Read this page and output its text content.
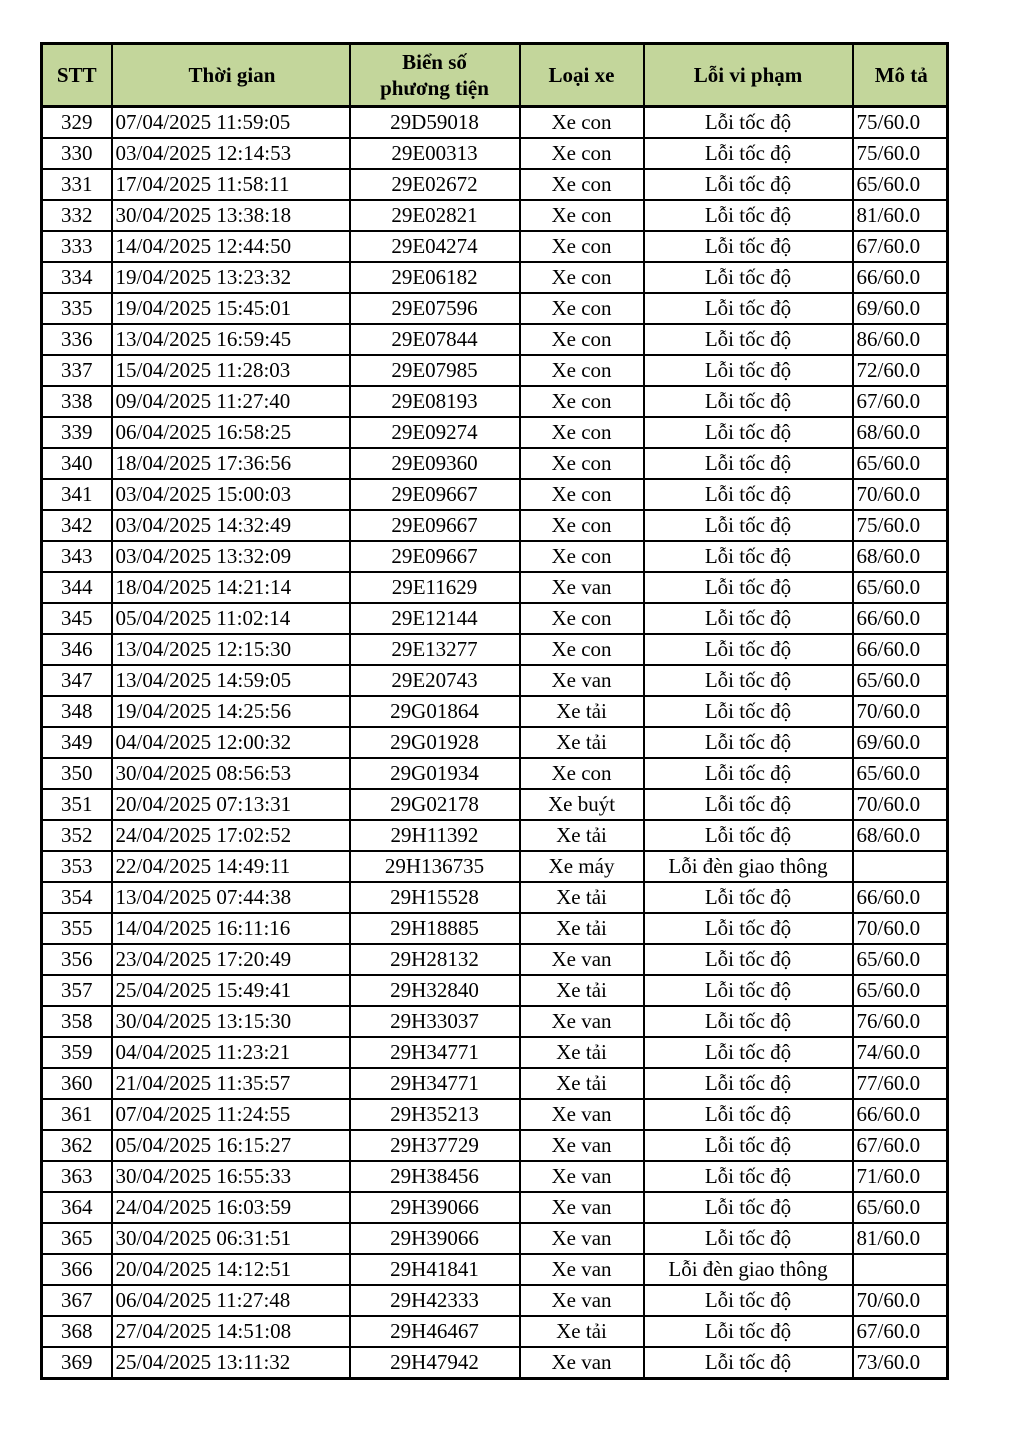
STT	Thời gian	Biển số phương tiện	Loại xe	Lỗi vi phạm	Mô tả
329	07/04/2025 11:59:05	29D59018	Xe con	Lỗi tốc độ	75/60.0
330	03/04/2025 12:14:53	29E00313	Xe con	Lỗi tốc độ	75/60.0
331	17/04/2025 11:58:11	29E02672	Xe con	Lỗi tốc độ	65/60.0
332	30/04/2025 13:38:18	29E02821	Xe con	Lỗi tốc độ	81/60.0
333	14/04/2025 12:44:50	29E04274	Xe con	Lỗi tốc độ	67/60.0
334	19/04/2025 13:23:32	29E06182	Xe con	Lỗi tốc độ	66/60.0
335	19/04/2025 15:45:01	29E07596	Xe con	Lỗi tốc độ	69/60.0
336	13/04/2025 16:59:45	29E07844	Xe con	Lỗi tốc độ	86/60.0
337	15/04/2025 11:28:03	29E07985	Xe con	Lỗi tốc độ	72/60.0
338	09/04/2025 11:27:40	29E08193	Xe con	Lỗi tốc độ	67/60.0
339	06/04/2025 16:58:25	29E09274	Xe con	Lỗi tốc độ	68/60.0
340	18/04/2025 17:36:56	29E09360	Xe con	Lỗi tốc độ	65/60.0
341	03/04/2025 15:00:03	29E09667	Xe con	Lỗi tốc độ	70/60.0
342	03/04/2025 14:32:49	29E09667	Xe con	Lỗi tốc độ	75/60.0
343	03/04/2025 13:32:09	29E09667	Xe con	Lỗi tốc độ	68/60.0
344	18/04/2025 14:21:14	29E11629	Xe van	Lỗi tốc độ	65/60.0
345	05/04/2025 11:02:14	29E12144	Xe con	Lỗi tốc độ	66/60.0
346	13/04/2025 12:15:30	29E13277	Xe con	Lỗi tốc độ	66/60.0
347	13/04/2025 14:59:05	29E20743	Xe van	Lỗi tốc độ	65/60.0
348	19/04/2025 14:25:56	29G01864	Xe tải	Lỗi tốc độ	70/60.0
349	04/04/2025 12:00:32	29G01928	Xe tải	Lỗi tốc độ	69/60.0
350	30/04/2025 08:56:53	29G01934	Xe con	Lỗi tốc độ	65/60.0
351	20/04/2025 07:13:31	29G02178	Xe buýt	Lỗi tốc độ	70/60.0
352	24/04/2025 17:02:52	29H11392	Xe tải	Lỗi tốc độ	68/60.0
353	22/04/2025 14:49:11	29H136735	Xe máy	Lỗi đèn giao thông	
354	13/04/2025 07:44:38	29H15528	Xe tải	Lỗi tốc độ	66/60.0
355	14/04/2025 16:11:16	29H18885	Xe tải	Lỗi tốc độ	70/60.0
356	23/04/2025 17:20:49	29H28132	Xe van	Lỗi tốc độ	65/60.0
357	25/04/2025 15:49:41	29H32840	Xe tải	Lỗi tốc độ	65/60.0
358	30/04/2025 13:15:30	29H33037	Xe van	Lỗi tốc độ	76/60.0
359	04/04/2025 11:23:21	29H34771	Xe tải	Lỗi tốc độ	74/60.0
360	21/04/2025 11:35:57	29H34771	Xe tải	Lỗi tốc độ	77/60.0
361	07/04/2025 11:24:55	29H35213	Xe van	Lỗi tốc độ	66/60.0
362	05/04/2025 16:15:27	29H37729	Xe van	Lỗi tốc độ	67/60.0
363	30/04/2025 16:55:33	29H38456	Xe van	Lỗi tốc độ	71/60.0
364	24/04/2025 16:03:59	29H39066	Xe van	Lỗi tốc độ	65/60.0
365	30/04/2025 06:31:51	29H39066	Xe van	Lỗi tốc độ	81/60.0
366	20/04/2025 14:12:51	29H41841	Xe van	Lỗi đèn giao thông	
367	06/04/2025 11:27:48	29H42333	Xe van	Lỗi tốc độ	70/60.0
368	27/04/2025 14:51:08	29H46467	Xe tải	Lỗi tốc độ	67/60.0
369	25/04/2025 13:11:32	29H47942	Xe van	Lỗi tốc độ	73/60.0
